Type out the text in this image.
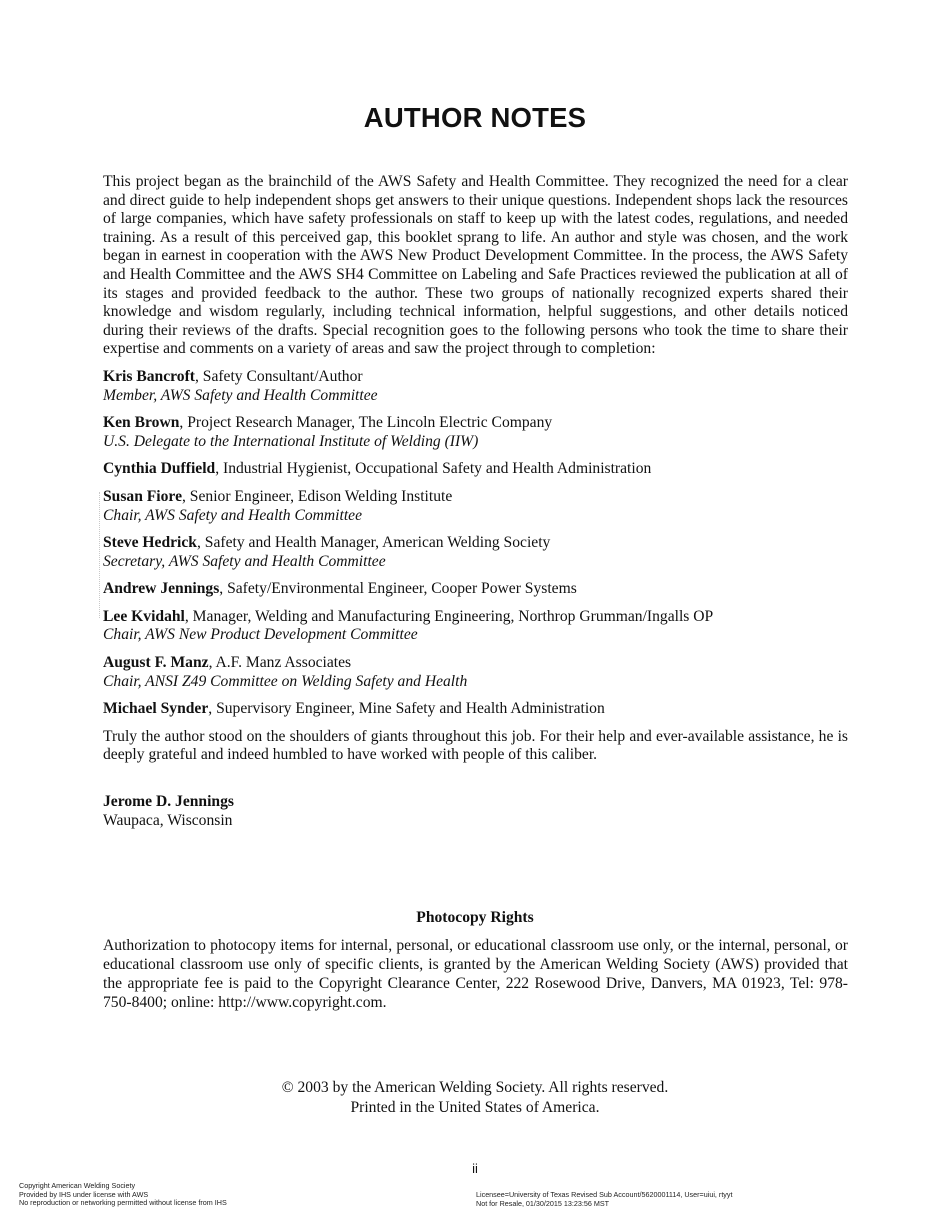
AUTHOR NOTES

This project began as the brainchild of the AWS Safety and Health Committee. They recognized the need for a clear and direct guide to help independent shops get answers to their unique questions. Independent shops lack the resources of large companies, which have safety professionals on staff to keep up with the latest codes, regulations, and needed training. As a result of this perceived gap, this booklet sprang to life. An author and style was chosen, and the work began in earnest in cooperation with the AWS New Product Development Committee. In the process, the AWS Safety and Health Committee and the AWS SH4 Committee on Labeling and Safe Practices reviewed the publication at all of its stages and provided feedback to the author. These two groups of nationally recognized experts shared their knowledge and wisdom regularly, including technical information, helpful suggestions, and other details noticed during their reviews of the drafts. Special recognition goes to the following persons who took the time to share their expertise and comments on a variety of areas and saw the project through to completion:

Kris Bancroft, Safety Consultant/Author
Member, AWS Safety and Health Committee
Ken Brown, Project Research Manager, The Lincoln Electric Company
U.S. Delegate to the International Institute of Welding (IIW)
Cynthia Duffield, Industrial Hygienist, Occupational Safety and Health Administration
Susan Fiore, Senior Engineer, Edison Welding Institute
Chair, AWS Safety and Health Committee
Steve Hedrick, Safety and Health Manager, American Welding Society
Secretary, AWS Safety and Health Committee
Andrew Jennings, Safety/Environmental Engineer, Cooper Power Systems
Lee Kvidahl, Manager, Welding and Manufacturing Engineering, Northrop Grumman/Ingalls OP
Chair, AWS New Product Development Committee
August F. Manz, A.F. Manz Associates
Chair, ANSI Z49 Committee on Welding Safety and Health
Michael Synder, Supervisory Engineer, Mine Safety and Health Administration

Truly the author stood on the shoulders of giants throughout this job. For their help and ever-available assistance, he is deeply grateful and indeed humbled to have worked with people of this caliber.

Jerome D. Jennings
Waupaca, Wisconsin
Photocopy Rights

Authorization to photocopy items for internal, personal, or educational classroom use only, or the internal, personal, or educational classroom use only of specific clients, is granted by the American Welding Society (AWS) provided that the appropriate fee is paid to the Copyright Clearance Center, 222 Rosewood Drive, Danvers, MA 01923, Tel: 978-750-8400; online: http://www.copyright.com.

© 2003 by the American Welding Society. All rights reserved.
Printed in the United States of America.
ii
Copyright American Welding Society
Provided by IHS under license with AWS
No reproduction or networking permitted without license from IHS
Licensee=University of Texas Revised Sub Account/5620001114, User=uiui, rtyyt
Not for Resale, 01/30/2015 13:23:56 MST
